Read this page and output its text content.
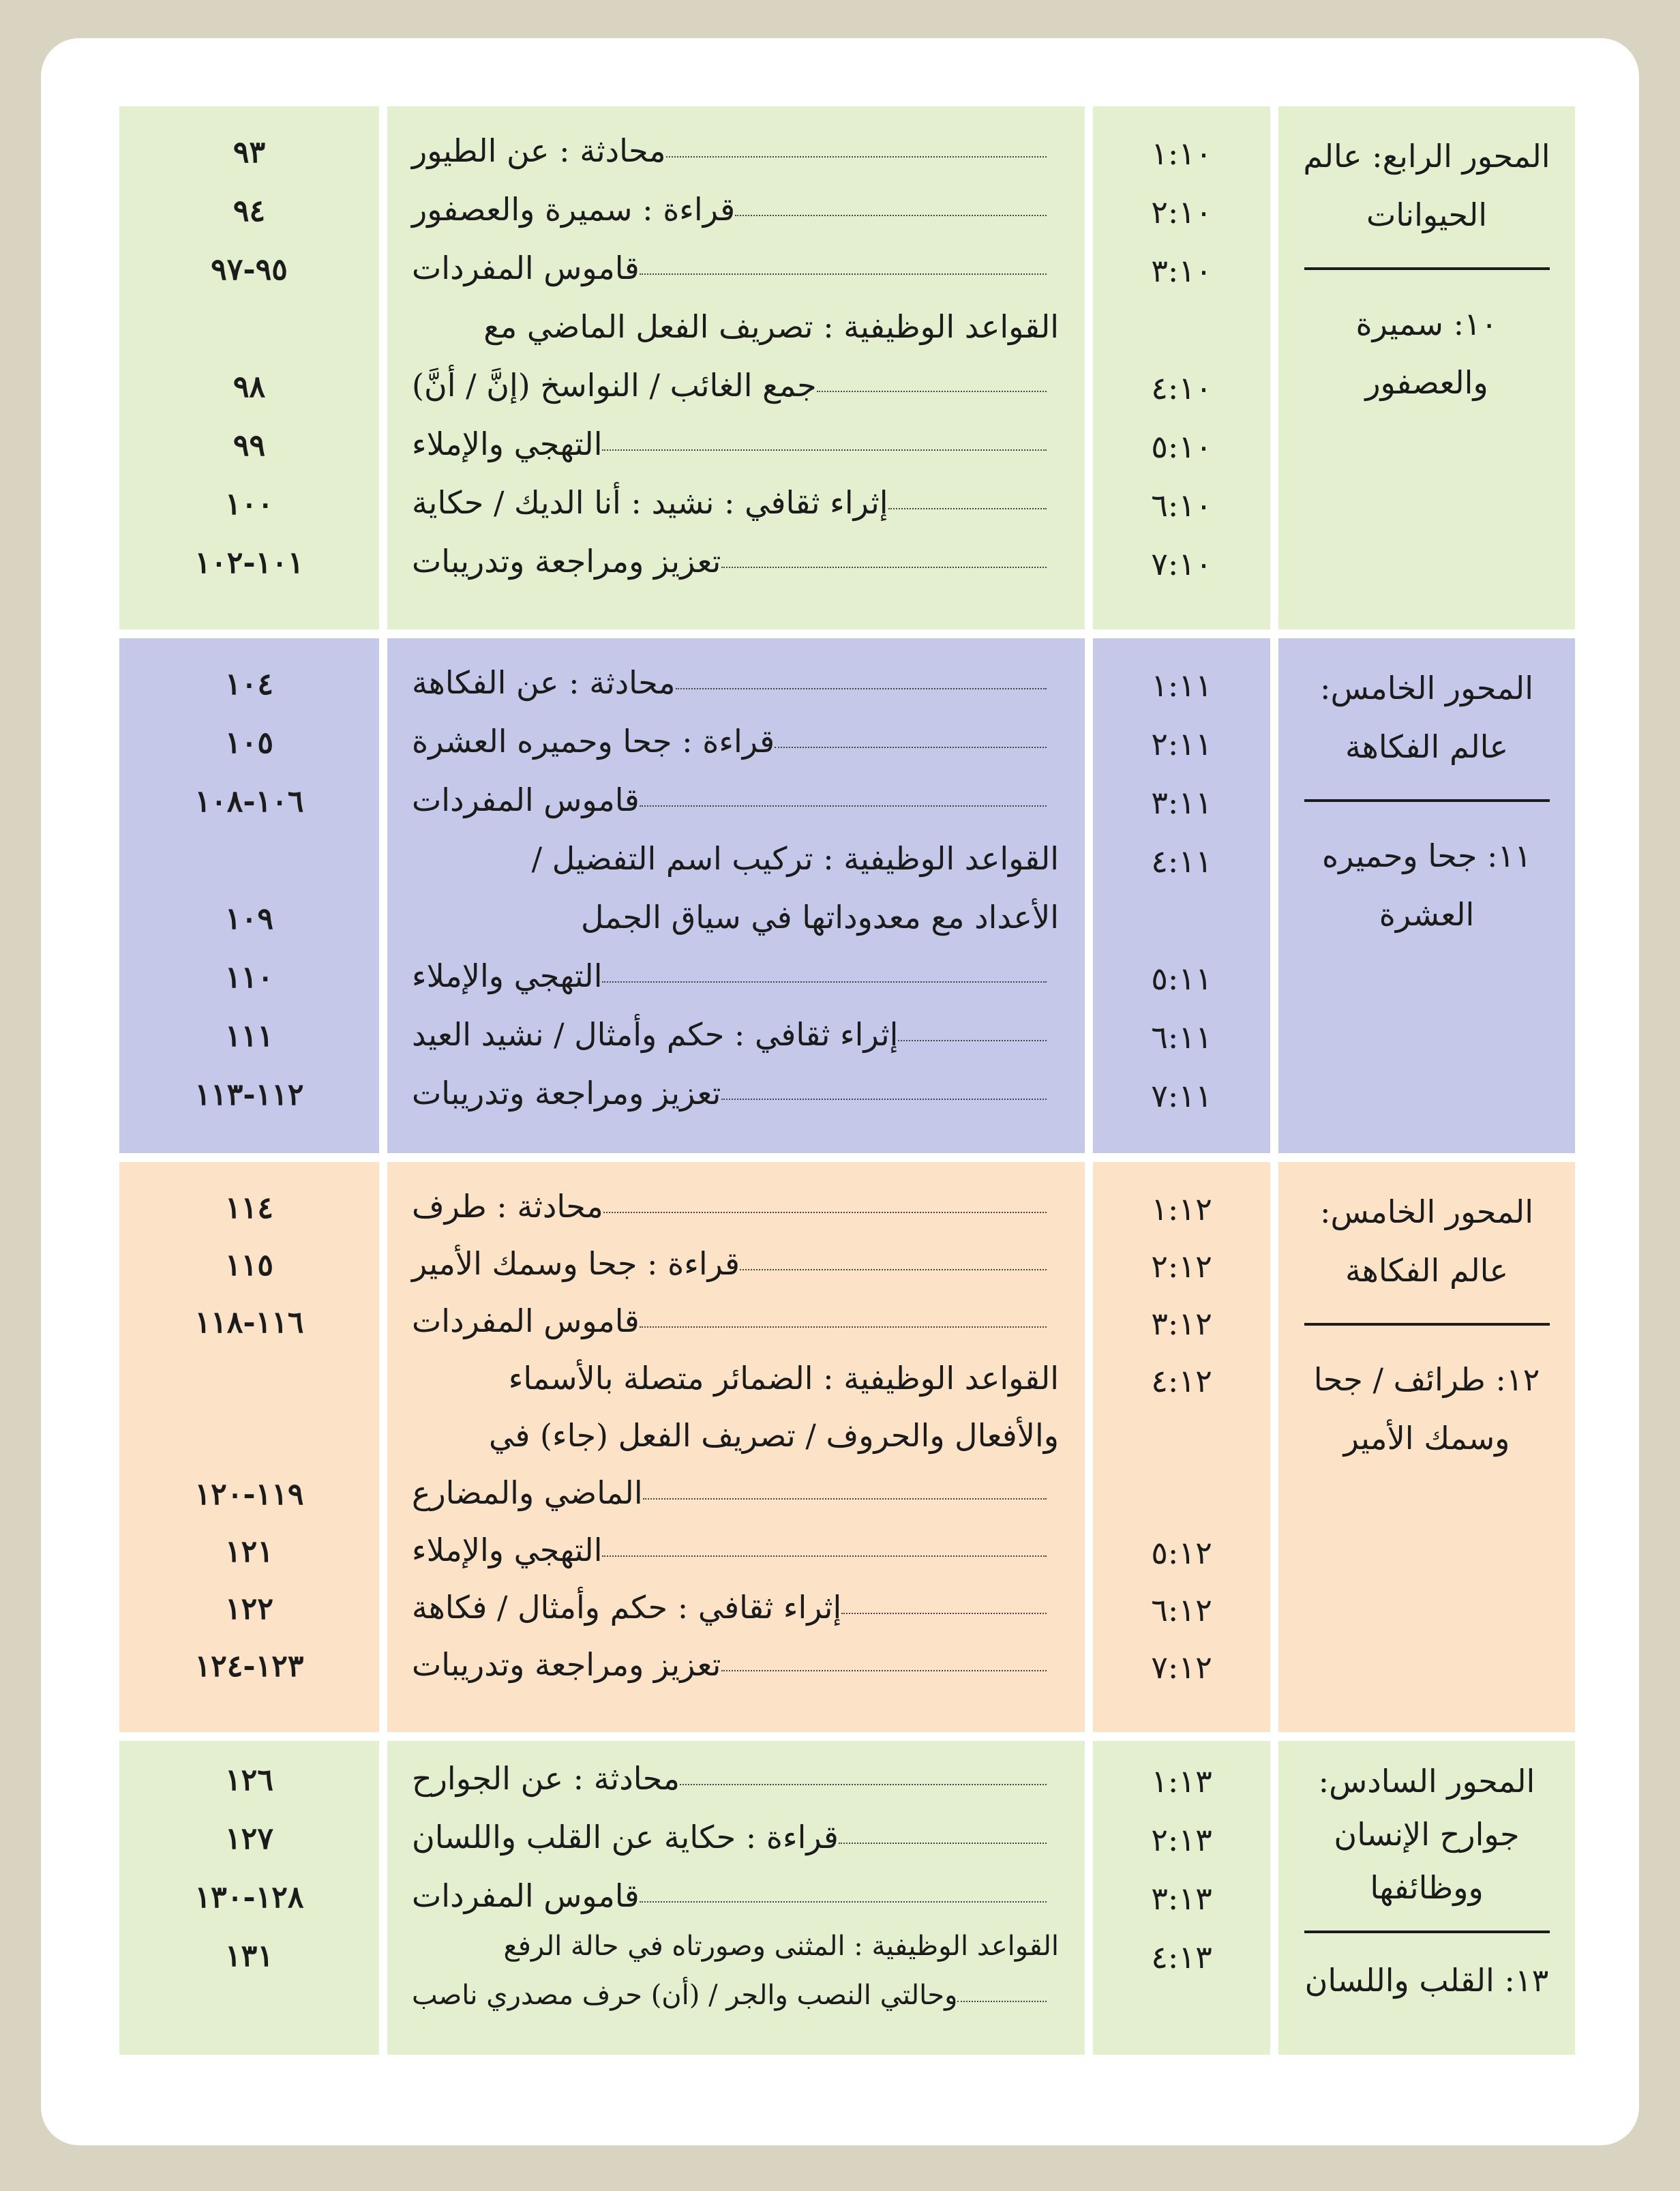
المحور الرابع: عالم الحيوانات
١٠: سميرة والعصفور
١:١٠
٢:١٠
٣:١٠
٤:١٠
٥:١٠
٦:١٠
٧:١٠
محادثة : عن الطيور
قراءة : سميرة والعصفور
قاموس المفردات
القواعد الوظيفية : تصريف الفعل الماضي مع
جمع الغائب / النواسخ (إنَّ / أنَّ)
التهجي والإملاء
إثراء ثقافي : نشيد : أنا الديك / حكاية
تعزيز ومراجعة وتدريبات
٩٣
٩٤
٩٥-٩٧
٩٨
٩٩
١٠٠
١٠١-١٠٢
المحور الخامس: عالم الفكاهة
١١: جحا وحميره العشرة
١:١١
٢:١١
٣:١١
٤:١١
٥:١١
٦:١١
٧:١١
محادثة : عن الفكاهة
قراءة : جحا وحميره العشرة
قاموس المفردات
القواعد الوظيفية : تركيب اسم التفضيل /
الأعداد مع معدوداتها في سياق الجمل
التهجي والإملاء
إثراء ثقافي : حكم وأمثال / نشيد العيد
تعزيز ومراجعة وتدريبات
١٠٤
١٠٥
١٠٦-١٠٨
١٠٩
١١٠
١١١
١١٢-١١٣
المحور الخامس: عالم الفكاهة
١٢: طرائف / جحا وسمك الأمير
١:١٢
٢:١٢
٣:١٢
٤:١٢
٥:١٢
٦:١٢
٧:١٢
محادثة : طرف
قراءة : جحا وسمك الأمير
قاموس المفردات
القواعد الوظيفية : الضمائر متصلة بالأسماء
والأفعال والحروف / تصريف الفعل (جاء) في
الماضي والمضارع
التهجي والإملاء
إثراء ثقافي : حكم وأمثال / فكاهة
تعزيز ومراجعة وتدريبات
١١٤
١١٥
١١٦-١١٨
١١٩-١٢٠
١٢١
١٢٢
١٢٣-١٢٤
المحور السادس: جوارح الإنسان ووظائفها
١٣: القلب واللسان
١:١٣
٢:١٣
٣:١٣
٤:١٣
محادثة : عن الجوارح
قراءة : حكاية عن القلب واللسان
قاموس المفردات
القواعد الوظيفية : المثنى وصورتاه في حالة الرفع
وحالتي النصب والجر / (أن) حرف مصدري ناصب
١٢٦
١٢٧
١٢٨-١٣٠
١٣١
